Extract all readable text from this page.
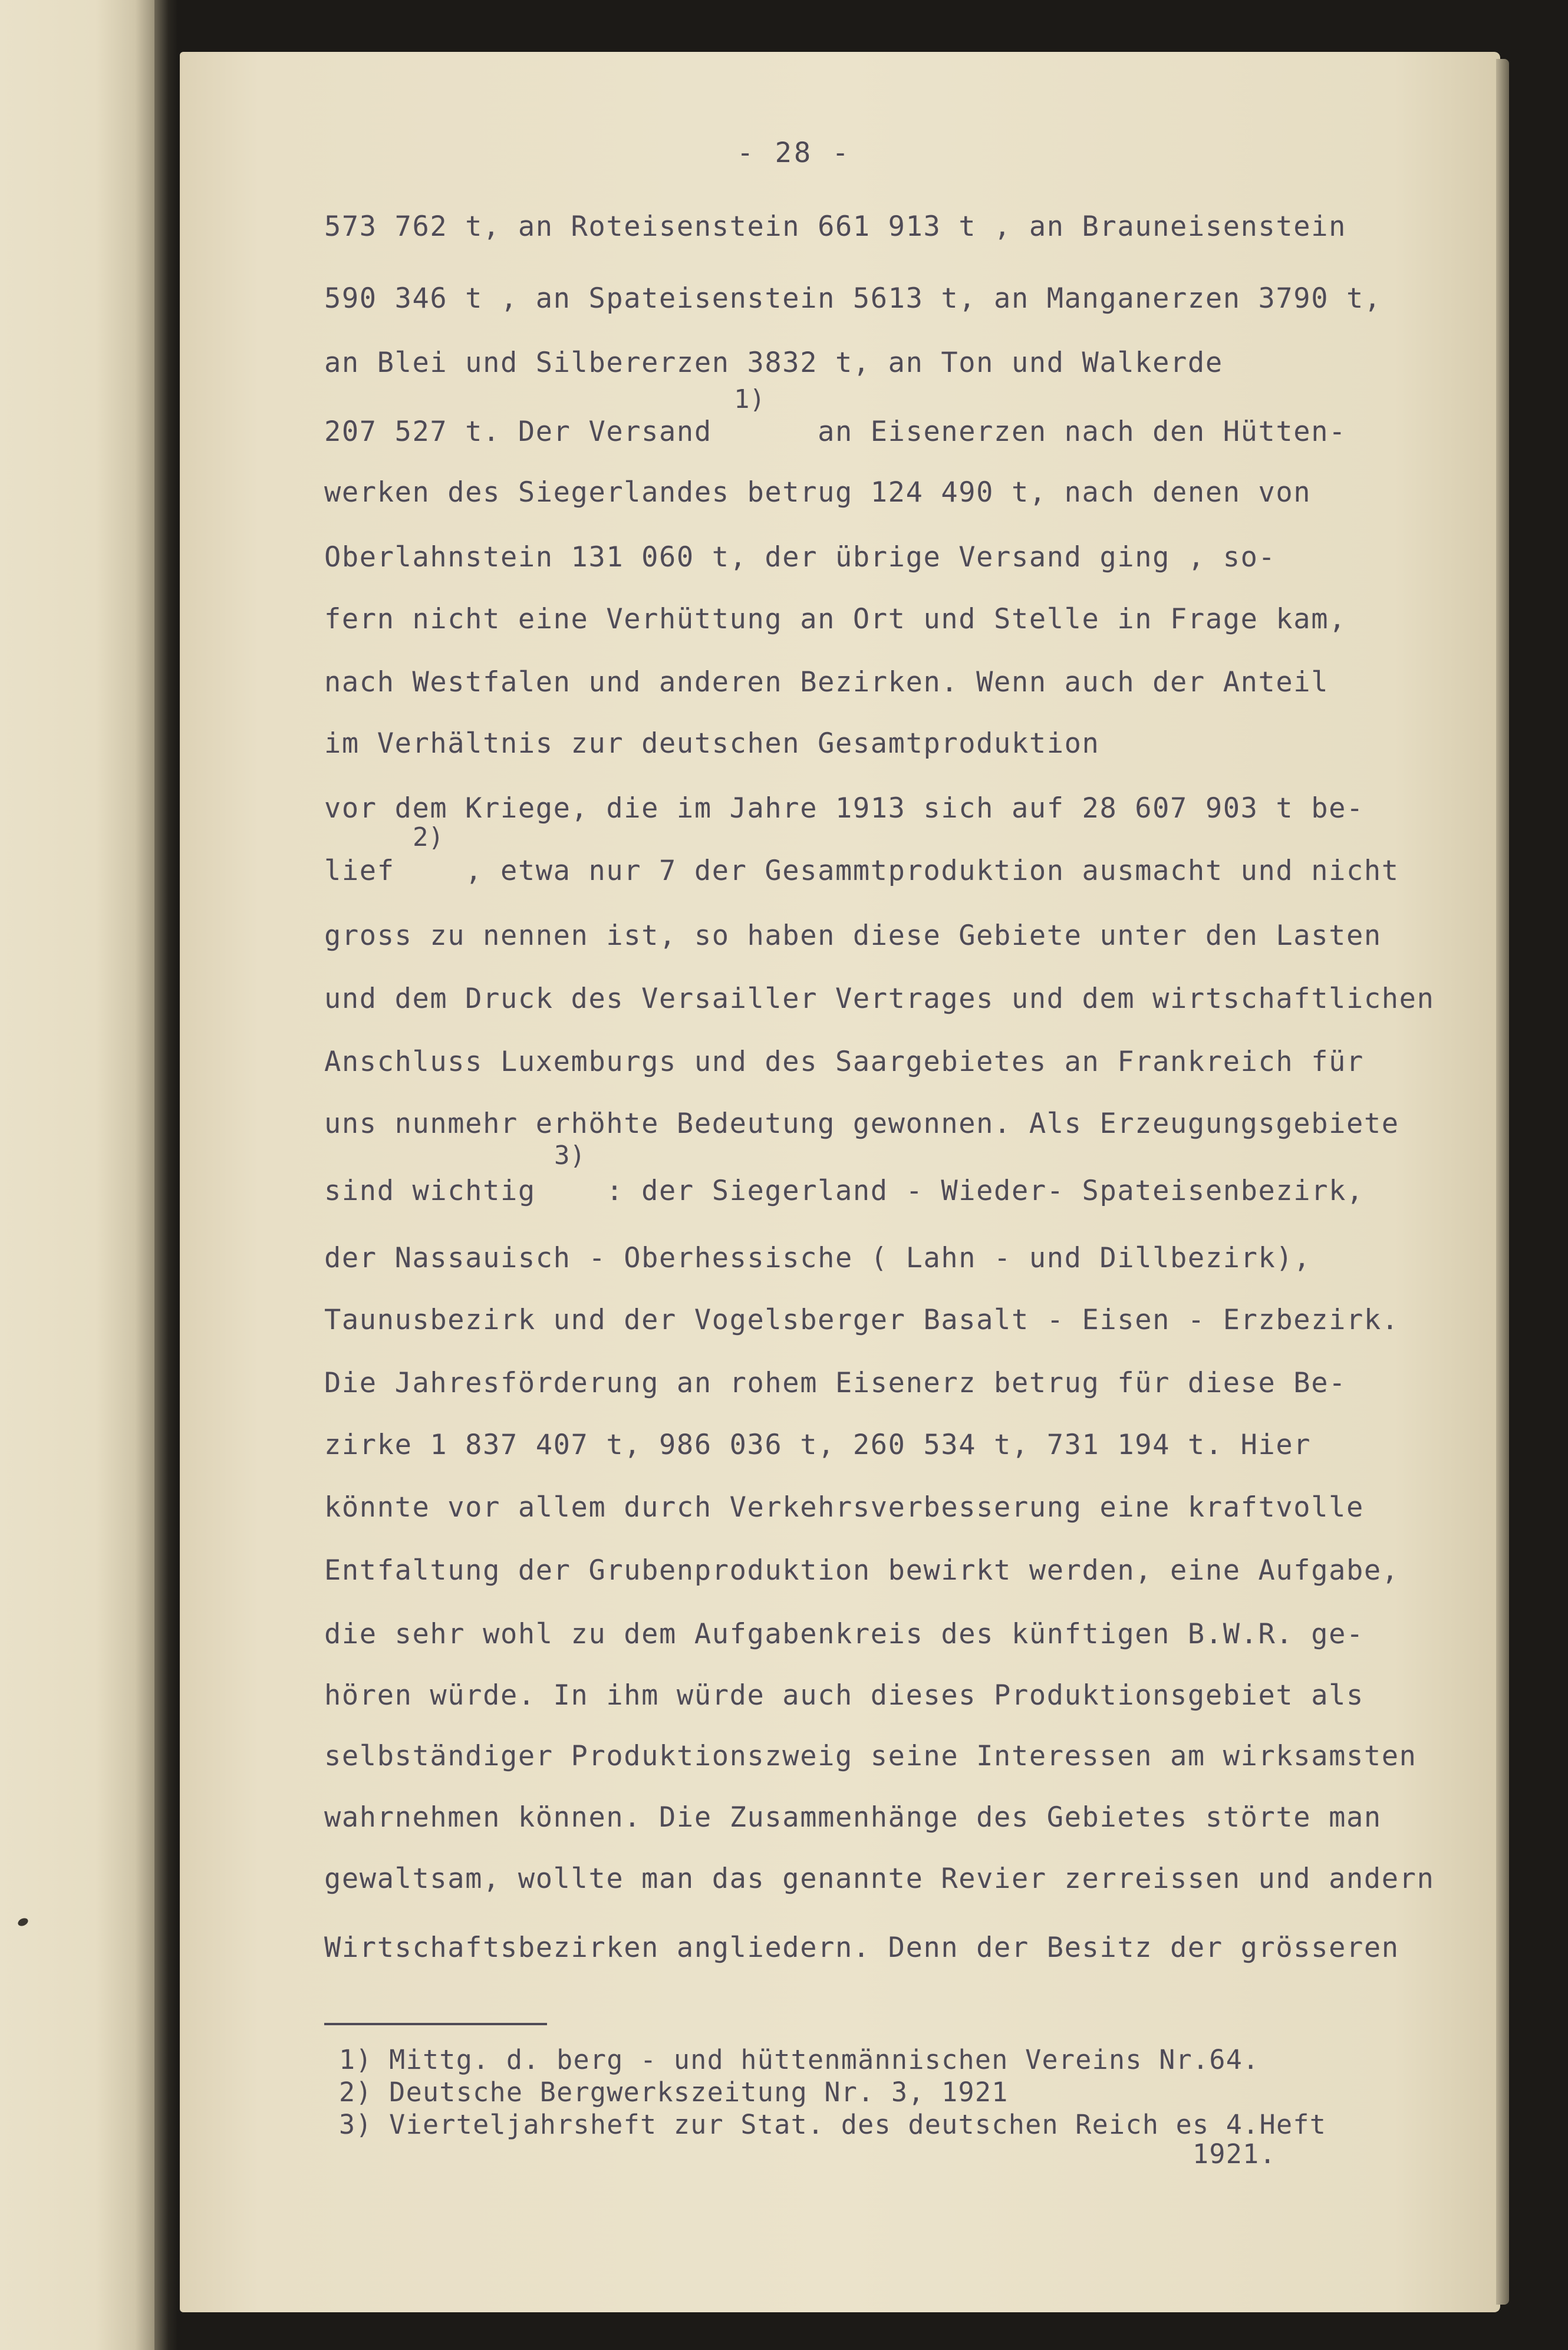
- 28 -
1)
2)
3)
573 762 t, an Roteisenstein 661 913 t , an Brauneisenstein
590 346 t , an Spateisenstein 5613 t, an Manganerzen 3790 t,
an Blei und Silbererzen 3832 t, an Ton und Walkerde
207 527 t. Der Versand      an Eisenerzen nach den Hütten-
werken des Siegerlandes betrug 124 490 t, nach denen von
Oberlahnstein 131 060 t, der übrige Versand ging , so-
fern nicht eine Verhüttung an Ort und Stelle in Frage kam,
nach Westfalen und anderen Bezirken. Wenn auch der Anteil
im Verhältnis zur deutschen Gesamtproduktion
vor dem Kriege, die im Jahre 1913 sich auf 28 607 903 t be-
lief    , etwa nur 7 der Gesammtproduktion ausmacht und nicht
gross zu nennen ist, so haben diese Gebiete unter den Lasten
und dem Druck des Versailler Vertrages und dem wirtschaftlichen
Anschluss Luxemburgs und des Saargebietes an Frankreich für
uns nunmehr erhöhte Bedeutung gewonnen. Als Erzeugungsgebiete
sind wichtig    : der Siegerland - Wieder- Spateisenbezirk,
der Nassauisch - Oberhessische ( Lahn - und Dillbezirk),
Taunusbezirk und der Vogelsberger Basalt - Eisen - Erzbezirk.
Die Jahresförderung an rohem Eisenerz betrug für diese Be-
zirke 1 837 407 t, 986 036 t, 260 534 t, 731 194 t. Hier
könnte vor allem durch Verkehrsverbesserung eine kraftvolle
Entfaltung der Grubenproduktion bewirkt werden, eine Aufgabe,
die sehr wohl zu dem Aufgabenkreis des künftigen B.W.R. ge-
hören würde. In ihm würde auch dieses Produktionsgebiet als
selbständiger Produktionszweig seine Interessen am wirksamsten
wahrnehmen können. Die Zusammenhänge des Gebietes störte man
gewaltsam, wollte man das genannte Revier zerreissen und andern
Wirtschaftsbezirken angliedern. Denn der Besitz der grösseren
1) Mittg. d. berg - und hüttenmännischen Vereins Nr.64.
2) Deutsche Bergwerkszeitung Nr. 3, 1921
3) Vierteljahrsheft zur Stat. des deutschen Reich es 4.Heft
1921.
